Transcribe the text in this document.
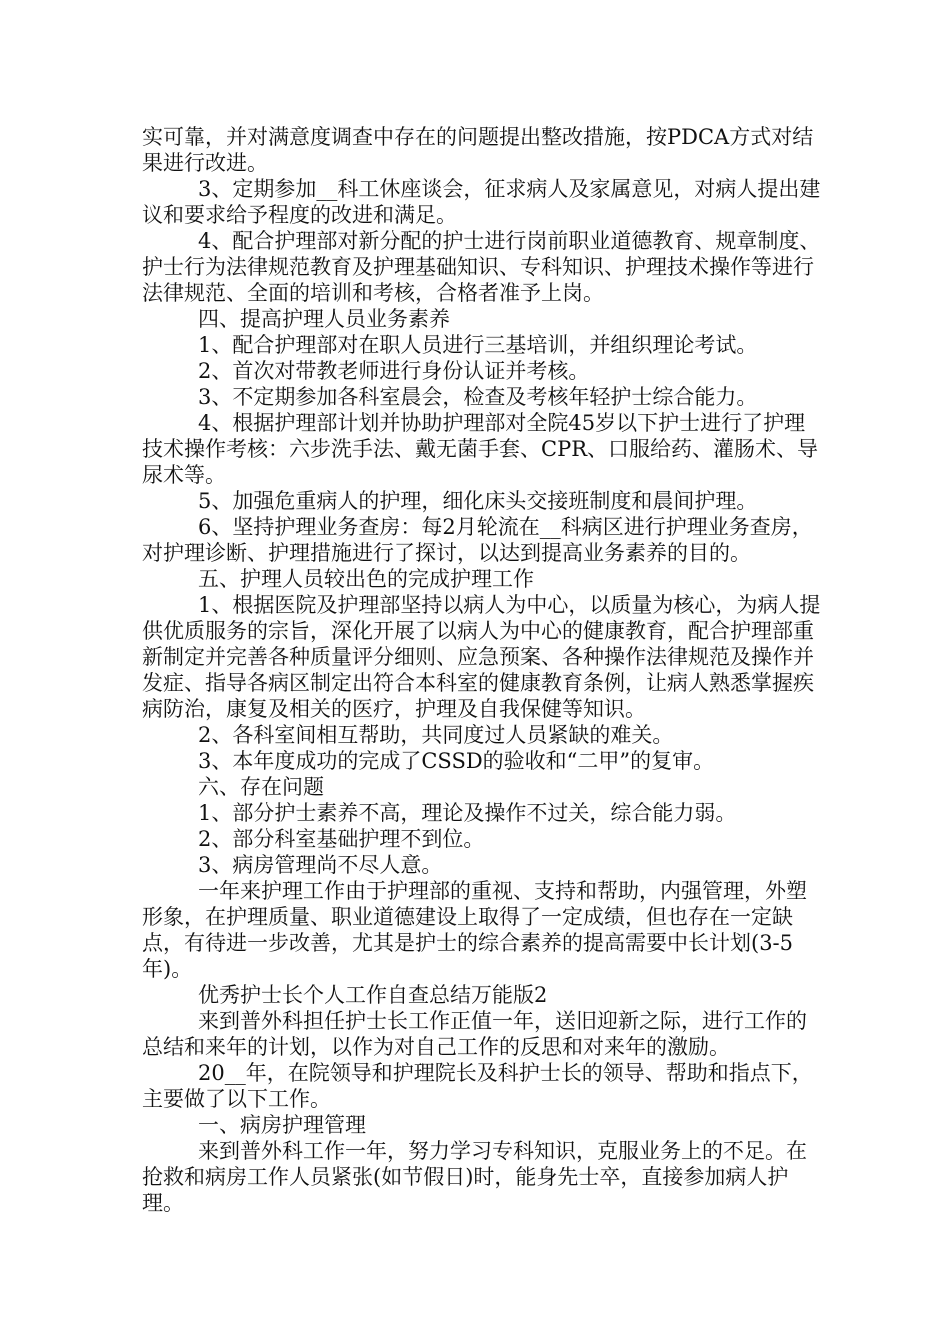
实可靠，并对满意度调查中存在的问题提出整改措施，按PDCA方式对结果进行改进。

3、定期参加__科工休座谈会，征求病人及家属意见，对病人提出建议和要求给予程度的改进和满足。

4、配合护理部对新分配的护士进行岗前职业道德教育、规章制度、护士行为法律规范教育及护理基础知识、专科知识、护理技术操作等进行法律规范、全面的培训和考核，合格者准予上岗。

四、提高护理人员业务素养

1、配合护理部对在职人员进行三基培训，并组织理论考试。

2、首次对带教老师进行身份认证并考核。

3、不定期参加各科室晨会，检查及考核年轻护士综合能力。

4、根据护理部计划并协助护理部对全院45岁以下护士进行了护理技术操作考核：六步洗手法、戴无菌手套、CPR、口服给药、灌肠术、导尿术等。

5、加强危重病人的护理，细化床头交接班制度和晨间护理。

6、坚持护理业务查房：每2月轮流在__科病区进行护理业务查房，对护理诊断、护理措施进行了探讨，以达到提高业务素养的目的。

五、护理人员较出色的完成护理工作

1、根据医院及护理部坚持以病人为中心，以质量为核心，为病人提供优质服务的宗旨，深化开展了以病人为中心的健康教育，配合护理部重新制定并完善各种质量评分细则、应急预案、各种操作法律规范及操作并发症、指导各病区制定出符合本科室的健康教育条例，让病人熟悉掌握疾病防治，康复及相关的医疗，护理及自我保健等知识。

2、各科室间相互帮助，共同度过人员紧缺的难关。

3、本年度成功的完成了CSSD的验收和“二甲”的复审。

六、存在问题

1、部分护士素养不高，理论及操作不过关，综合能力弱。

2、部分科室基础护理不到位。

3、病房管理尚不尽人意。

一年来护理工作由于护理部的重视、支持和帮助，内强管理，外塑形象，在护理质量、职业道德建设上取得了一定成绩，但也存在一定缺点，有待进一步改善，尤其是护士的综合素养的提高需要中长计划(3-5年)。

优秀护士长个人工作自查总结万能版2

来到普外科担任护士长工作正值一年，送旧迎新之际，进行工作的总结和来年的计划，以作为对自己工作的反思和对来年的激励。

20__年，在院领导和护理院长及科护士长的领导、帮助和指点下，主要做了以下工作。

一、病房护理管理

来到普外科工作一年，努力学习专科知识，克服业务上的不足。在抢救和病房工作人员紧张(如节假日)时，能身先士卒，直接参加病人护理。
